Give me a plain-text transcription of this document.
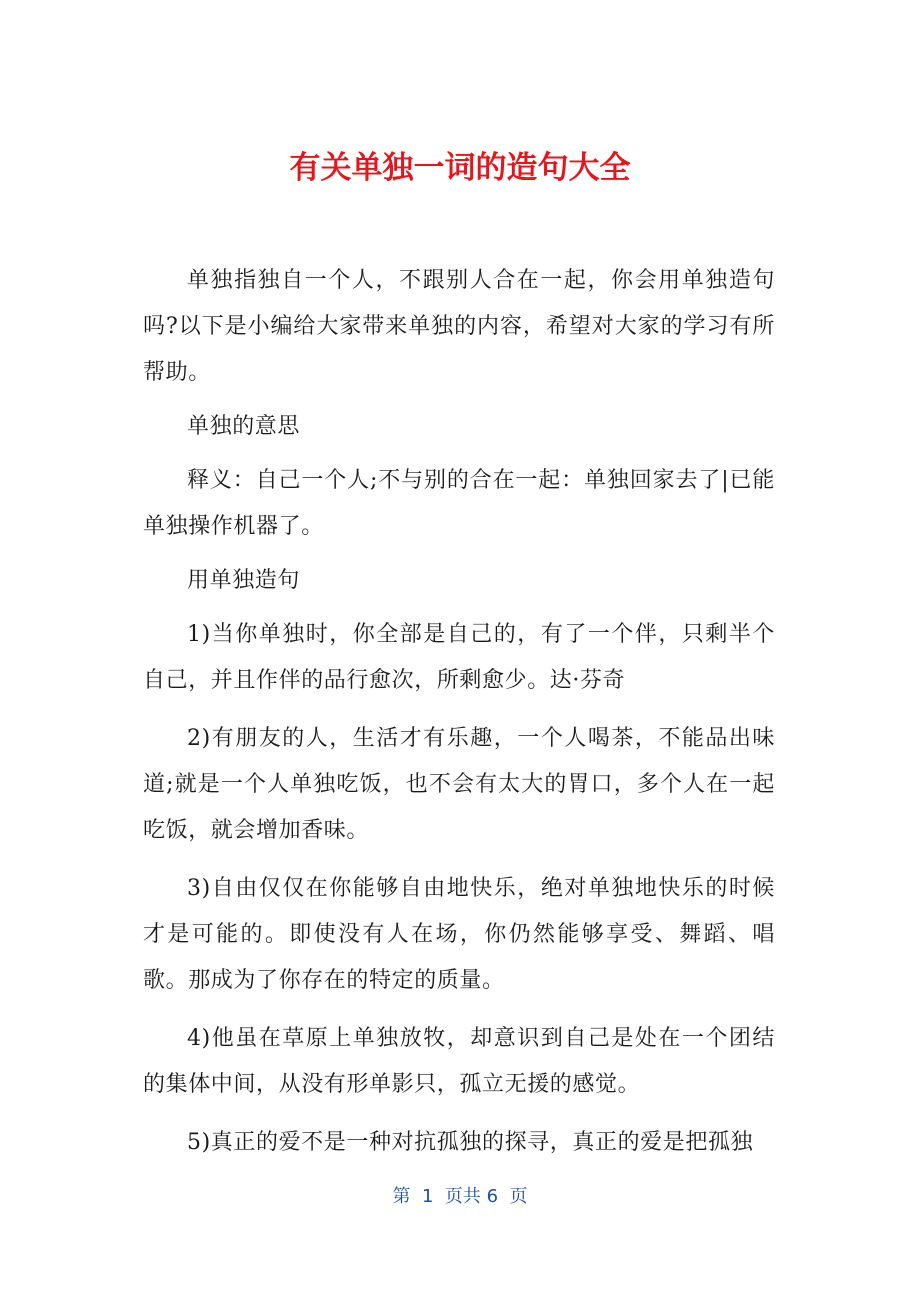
有关单独一词的造句大全

单独指独自一个人，不跟别人合在一起，你会用单独造句吗?以下是小编给大家带来单独的内容，希望对大家的学习有所帮助。

单独的意思

释义：自己一个人;不与别的合在一起：单独回家去了|已能单独操作机器了。

用单独造句

1)当你单独时，你全部是自己的，有了一个伴，只剩半个自己，并且作伴的品行愈次，所剩愈少。达·芬奇

2)有朋友的人，生活才有乐趣，一个人喝茶，不能品出味道;就是一个人单独吃饭，也不会有太大的胃口，多个人在一起吃饭，就会增加香味。

3)自由仅仅在你能够自由地快乐，绝对单独地快乐的时候才是可能的。即使没有人在场，你仍然能够享受、舞蹈、唱歌。那成为了你存在的特定的质量。

4)他虽在草原上单独放牧，却意识到自己是处在一个团结的集体中间，从没有形单影只，孤立无援的感觉。

5)真正的爱不是一种对抗孤独的探寻，真正的爱是把孤独

第  1  页共 6  页
